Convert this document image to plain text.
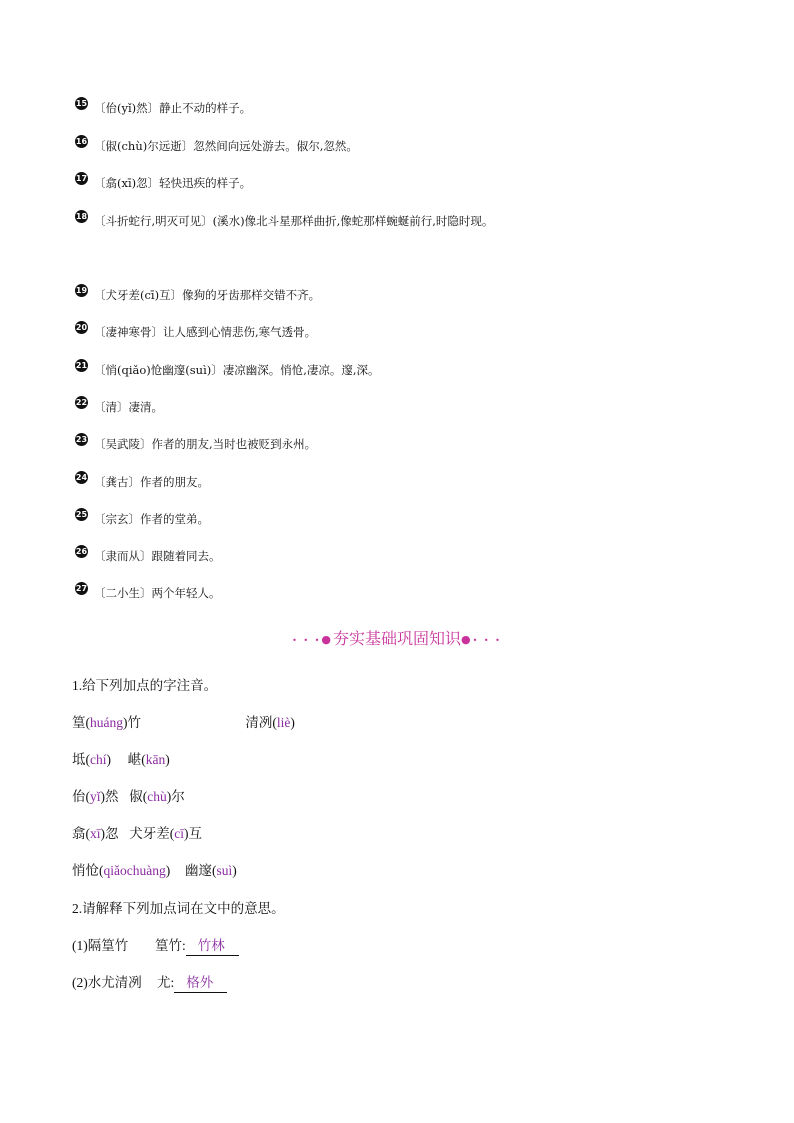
15 〔佁(yǐ)然〕静止不动的样子。
16 〔俶(chù)尔远逝〕忽然间向远处游去。俶尔,忽然。
17 〔翕(xī)忽〕轻快迅疾的样子。
18 〔斗折蛇行,明灭可见〕(溪水)像北斗星那样曲折,像蛇那样蜿蜒前行,时隐时现。
19 〔犬牙差(cī)互〕像狗的牙齿那样交错不齐。
20 〔凄神寒骨〕让人感到心情悲伤,寒气透骨。
21 〔悄(qiǎo)怆幽邃(suì)〕凄凉幽深。悄怆,凄凉。邃,深。
22 〔清〕凄清。
23 〔吴武陵〕作者的朋友,当时也被贬到永州。
24 〔龚古〕作者的朋友。
25 〔宗玄〕作者的堂弟。
26 〔隶而从〕跟随着同去。
27 〔二小生〕两个年轻人。
• • •●夯实基础巩固知识●• • •
1.给下列加点的字注音。
篁(huáng)竹	清冽(liè)
坻(chí)  嵁(kān)
佁(yǐ)然 俶(chù)尔
翕(xī)忽 犬牙差(cī)互
悄怆(qiǎochuàng)  幽邃(suì)
2.请解释下列加点词在文中的意思。
(1)隔篁竹 篁竹: 竹林
(2)水尤清冽 尤: 格外
